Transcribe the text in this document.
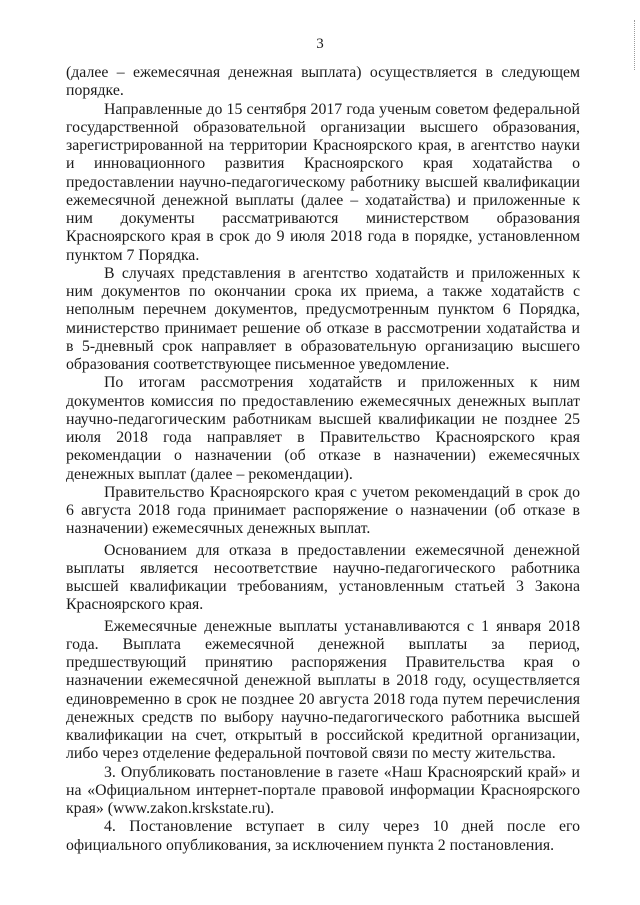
3

(далее – ежемесячная денежная выплата) осуществляется в следующем порядке.

Направленные до 15 сентября 2017 года ученым советом федеральной государственной образовательной организации высшего образования, зарегистрированной на территории Красноярского края, в агентство науки и инновационного развития Красноярского края ходатайства о предоставлении научно-педагогическому работнику высшей квалификации ежемесячной денежной выплаты (далее – ходатайства) и приложенные к ним документы рассматриваются министерством образования Красноярского края в срок до 9 июля 2018 года в порядке, установленном пунктом 7 Порядка.

В случаях представления в агентство ходатайств и приложенных к ним документов по окончании срока их приема, а также ходатайств с неполным перечнем документов, предусмотренным пунктом 6 Порядка, министерство принимает решение об отказе в рассмотрении ходатайства и в 5-дневный срок направляет в образовательную организацию высшего образования соответствующее письменное уведомление.

По итогам рассмотрения ходатайств и приложенных к ним документов комиссия по предоставлению ежемесячных денежных выплат научно-педагогическим работникам высшей квалификации не позднее 25 июля 2018 года направляет в Правительство Красноярского края рекомендации о назначении (об отказе в назначении) ежемесячных денежных выплат (далее – рекомендации).

Правительство Красноярского края с учетом рекомендаций в срок до 6 августа 2018 года принимает распоряжение о назначении (об отказе в назначении) ежемесячных денежных выплат.

Основанием для отказа в предоставлении ежемесячной денежной выплаты является несоответствие научно-педагогического работника высшей квалификации требованиям, установленным статьей 3 Закона Красноярского края.

Ежемесячные денежные выплаты устанавливаются с 1 января 2018 года. Выплата ежемесячной денежной выплаты за период, предшествующий принятию распоряжения Правительства края о назначении ежемесячной денежной выплаты в 2018 году, осуществляется единовременно в срок не позднее 20 августа 2018 года путем перечисления денежных средств по выбору научно-педагогического работника высшей квалификации на счет, открытый в российской кредитной организации, либо через отделение федеральной почтовой связи по месту жительства.

3. Опубликовать постановление в газете «Наш Красноярский край» и на «Официальном интернет-портале правовой информации Красноярского края» (www.zakon.krskstate.ru).

4. Постановление вступает в силу через 10 дней после его официального опубликования, за исключением пункта 2 постановления.
